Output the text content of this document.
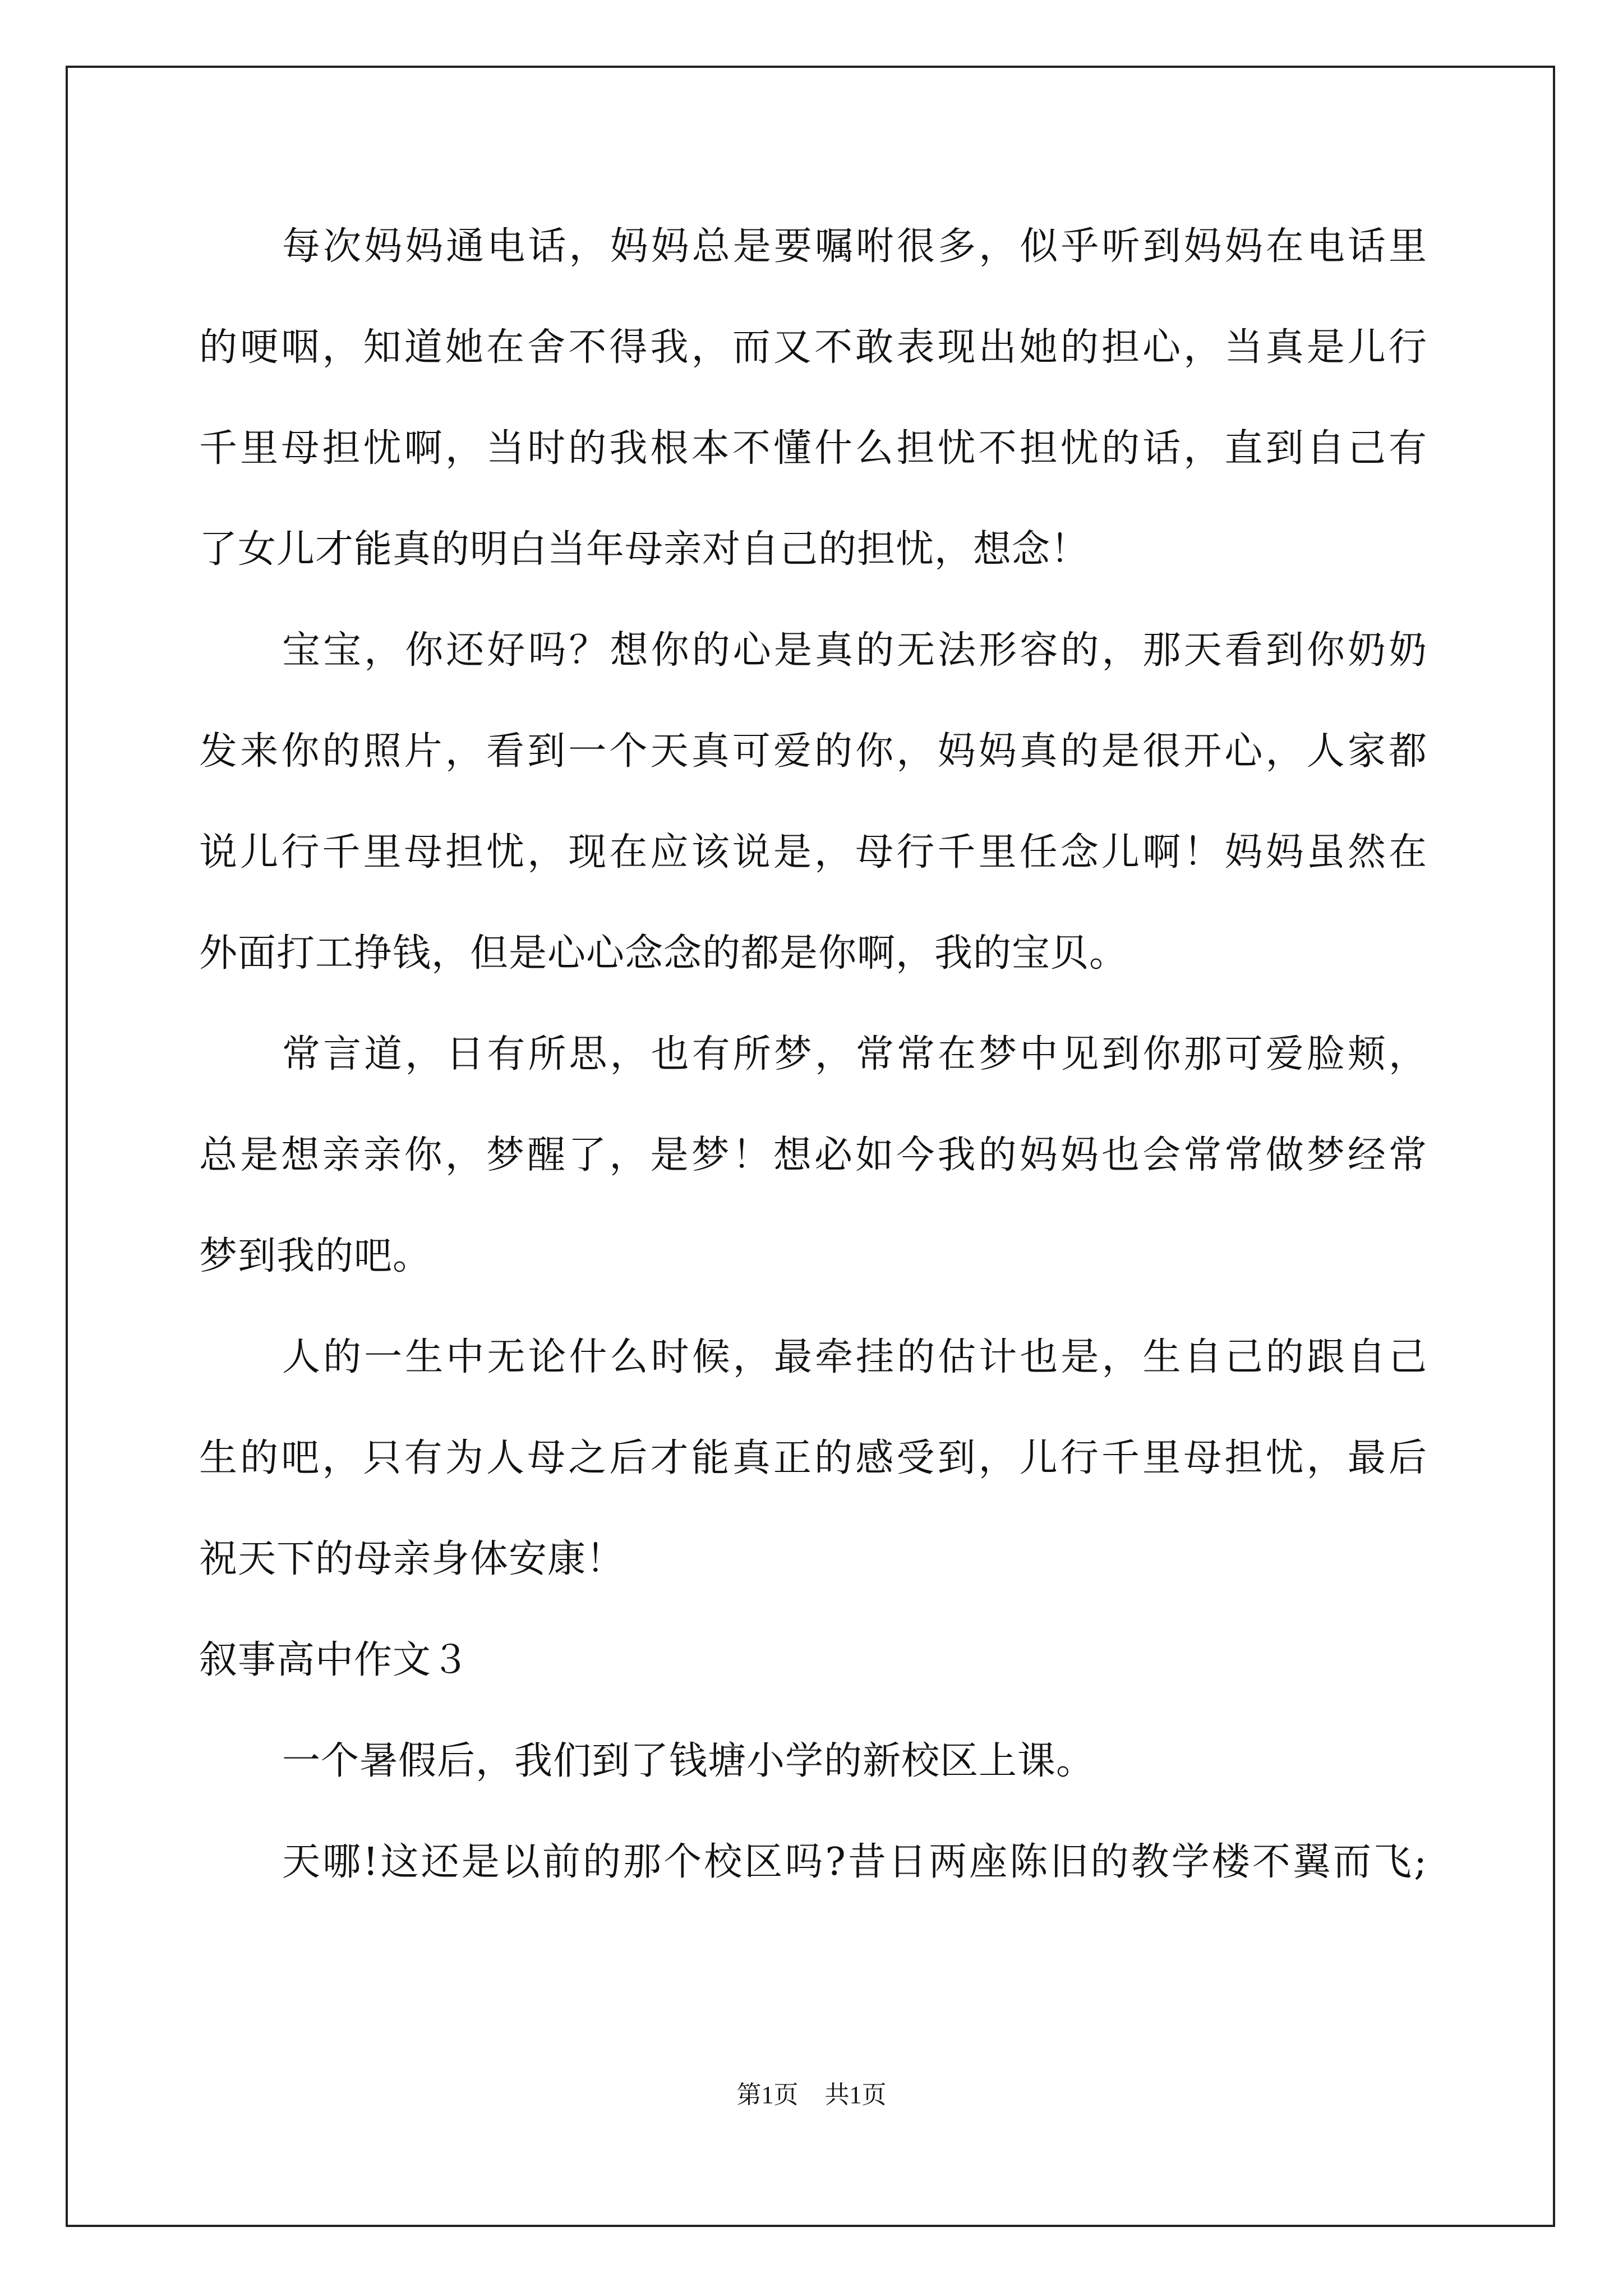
每次妈妈通电话，妈妈总是要嘱咐很多，似乎听到妈妈在电话里
的哽咽，知道她在舍不得我，而又不敢表现出她的担心，当真是儿行
千里母担忧啊，当时的我根本不懂什么担忧不担忧的话，直到自己有
了女儿才能真的明白当年母亲对自己的担忧，想念！
宝宝，你还好吗？想你的心是真的无法形容的，那天看到你奶奶
发来你的照片，看到一个天真可爱的你，妈妈真的是很开心，人家都
说儿行千里母担忧，现在应该说是，母行千里任念儿啊！妈妈虽然在
外面打工挣钱，但是心心念念的都是你啊，我的宝贝。
常言道，日有所思，也有所梦，常常在梦中见到你那可爱脸颊，
总是想亲亲你，梦醒了，是梦！想必如今我的妈妈也会常常做梦经常
梦到我的吧。
人的一生中无论什么时候，最牵挂的估计也是，生自己的跟自己
生的吧，只有为人母之后才能真正的感受到，儿行千里母担忧，最后
祝天下的母亲身体安康！
叙事高中作文３
一个暑假后，我们到了钱塘小学的新校区上课。
天哪!这还是以前的那个校区吗?昔日两座陈旧的教学楼不翼而飞;
第1页 共1页
